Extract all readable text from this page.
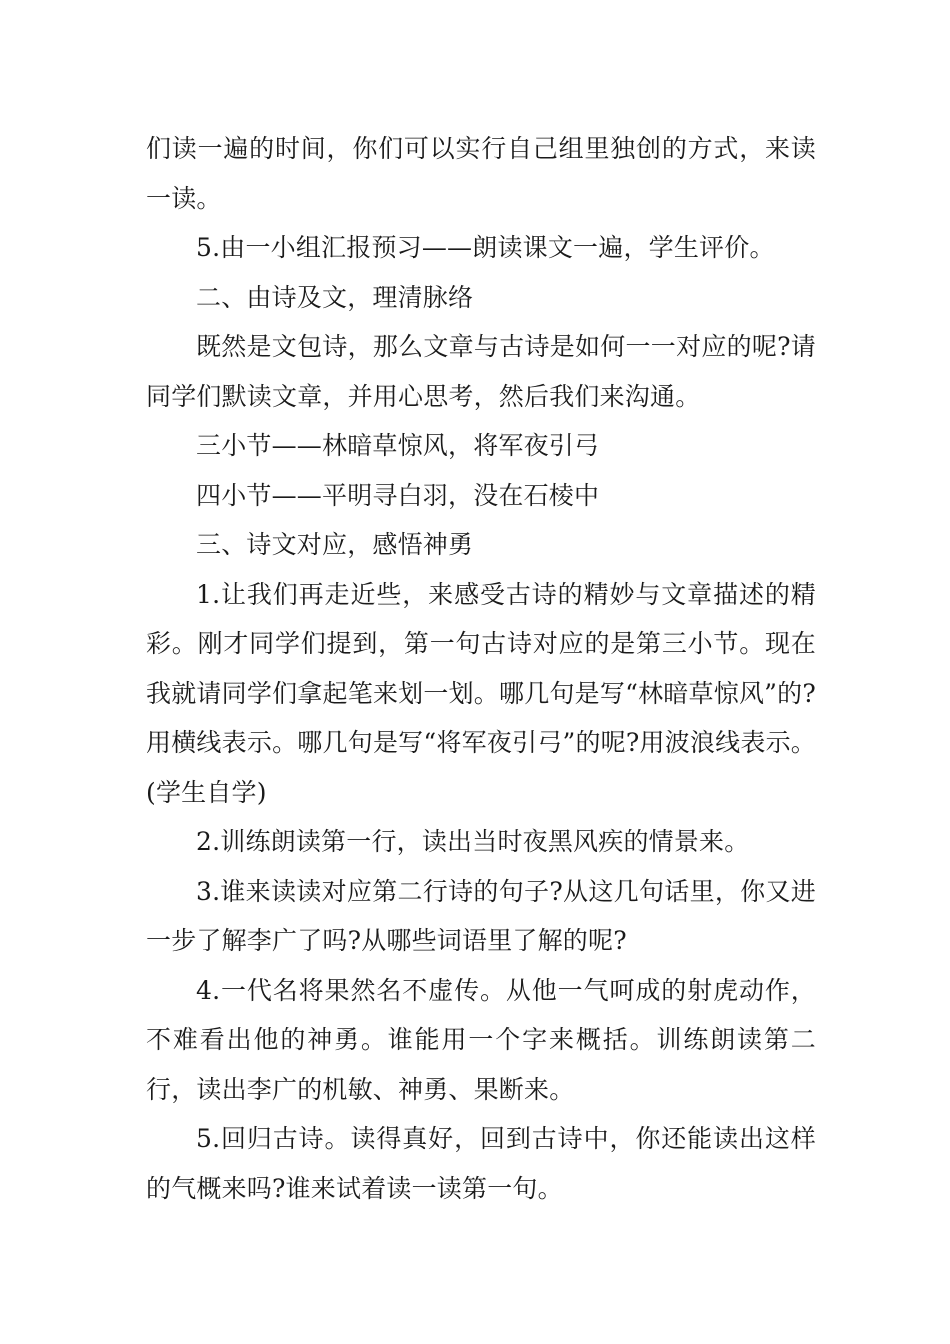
们读一遍的时间，你们可以实行自己组里独创的方式，来读一读。

5.由一小组汇报预习——朗读课文一遍，学生评价。

二、由诗及文，理清脉络

既然是文包诗，那么文章与古诗是如何一一对应的呢?请同学们默读文章，并用心思考，然后我们来沟通。

三小节——林暗草惊风，将军夜引弓

四小节——平明寻白羽，没在石棱中

三、诗文对应，感悟神勇

1.让我们再走近些，来感受古诗的精妙与文章描述的精彩。刚才同学们提到，第一句古诗对应的是第三小节。现在我就请同学们拿起笔来划一划。哪几句是写“林暗草惊风”的?用横线表示。哪几句是写“将军夜引弓”的呢?用波浪线表示。(学生自学)

2.训练朗读第一行，读出当时夜黑风疾的情景来。

3.谁来读读对应第二行诗的句子?从这几句话里，你又进一步了解李广了吗?从哪些词语里了解的呢?

4.一代名将果然名不虚传。从他一气呵成的射虎动作，不难看出他的神勇。谁能用一个字来概括。训练朗读第二行，读出李广的机敏、神勇、果断来。

5.回归古诗。读得真好，回到古诗中，你还能读出这样的气概来吗?谁来试着读一读第一句。
